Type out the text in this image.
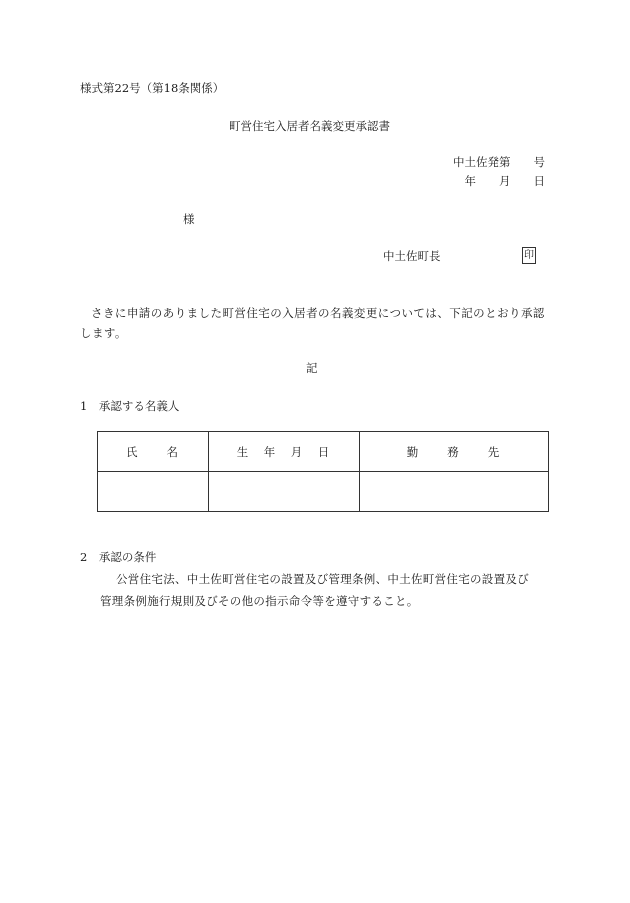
様式第22号（第18条関係）
町営住宅入居者名義変更承認書
中土佐発第　　号
年　　月　　日
様
中土佐町長	印
さきに申請のありました町営住宅の入居者の名義変更については、下記のとおり承認します。
記
1　承認する名義人
氏　　名	生　年　月　日	勤　　務　　先

2　承認の条件
公営住宅法、中土佐町営住宅の設置及び管理条例、中土佐町営住宅の設置及び管理条例施行規則及びその他の指示命令等を遵守すること。
